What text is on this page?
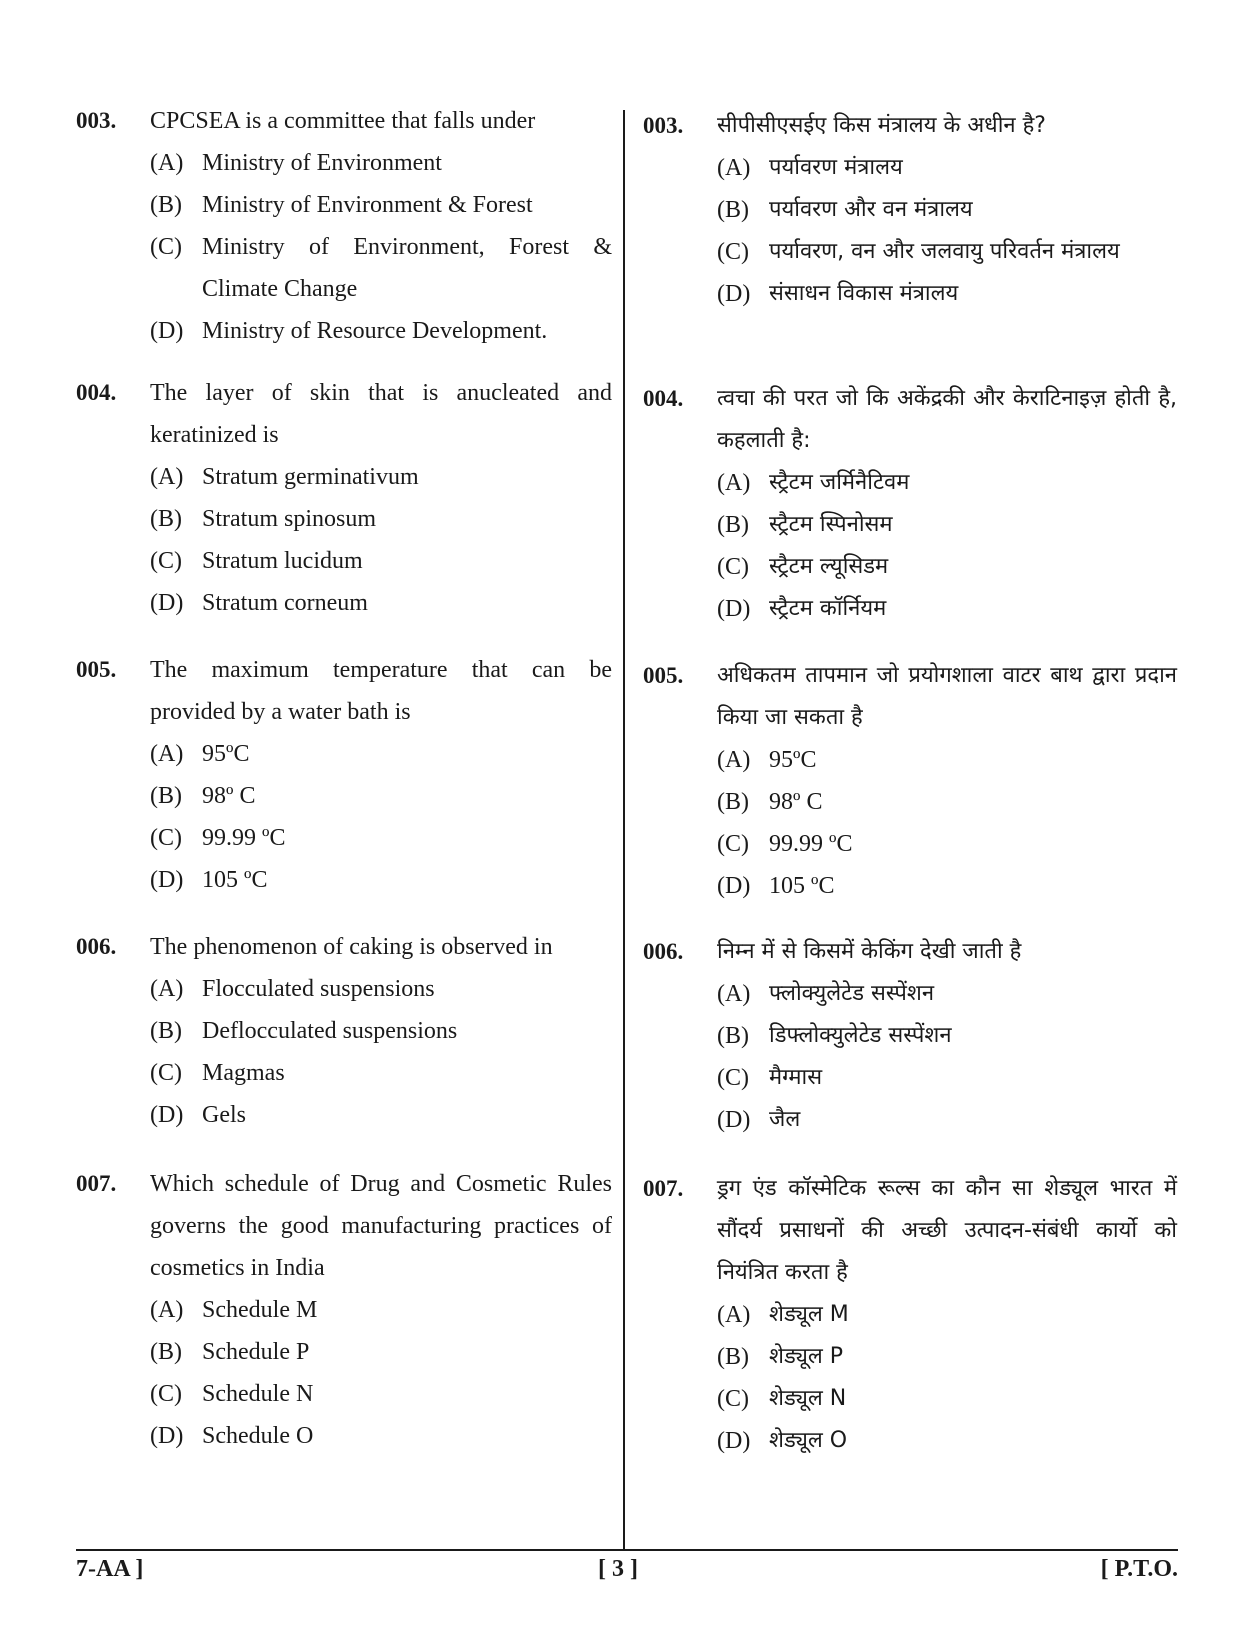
003. CPCSEA is a committee that falls under
(A) Ministry of Environment
(B) Ministry of Environment & Forest
(C) Ministry of Environment, Forest & Climate Change
(D) Ministry of Resource Development.
004. The layer of skin that is anucleated and keratinized is
(A) Stratum germinativum
(B) Stratum spinosum
(C) Stratum lucidum
(D) Stratum corneum
005. The maximum temperature that can be provided by a water bath is
(A) 95ºC
(B) 98º C
(C) 99.99 ºC
(D) 105 ºC
006. The phenomenon of caking is observed in
(A) Flocculated suspensions
(B) Deflocculated suspensions
(C) Magmas
(D) Gels
007. Which schedule of Drug and Cosmetic Rules governs the good manufacturing practices of cosmetics in India
(A) Schedule M
(B) Schedule P
(C) Schedule N
(D) Schedule O
003. सीपीसीएसईए किस मंत्रालय के अधीन है?
(A) पर्यावरण मंत्रालय
(B) पर्यावरण और वन मंत्रालय
(C) पर्यावरण, वन और जलवायु परिवर्तन मंत्रालय
(D) संसाधन विकास मंत्रालय
004. त्वचा की परत जो कि अकेंद्रकी और केराटिनाइज़ होती है, कहलाती है:
(A) स्ट्रैटम जर्मिनैटिवम
(B) स्ट्रैटम स्पिनोसम
(C) स्ट्रैटम ल्यूसिडम
(D) स्ट्रैटम कॉर्नियम
005. अधिकतम तापमान जो प्रयोगशाला वाटर बाथ द्वारा प्रदान किया जा सकता है
(A) 95ºC
(B) 98º C
(C) 99.99 ºC
(D) 105 ºC
006. निम्न में से किसमें केकिंग देखी जाती है
(A) फ्लोक्युलेटेड सस्पेंशन
(B) डिफ्लोक्युलेटेड सस्पेंशन
(C) मैग्मास
(D) जैल
007. ड्रग एंड कॉस्मेटिक रूल्स का कौन सा शेड्यूल भारत में सौंदर्य प्रसाधनों की अच्छी उत्पादन-संबंधी कार्यो को नियंत्रित करता है
(A) शेड्यूल M
(B) शेड्यूल P
(C) शेड्यूल N
(D) शेड्यूल O
7-AA ]	[ 3 ]	[ P.T.O.
